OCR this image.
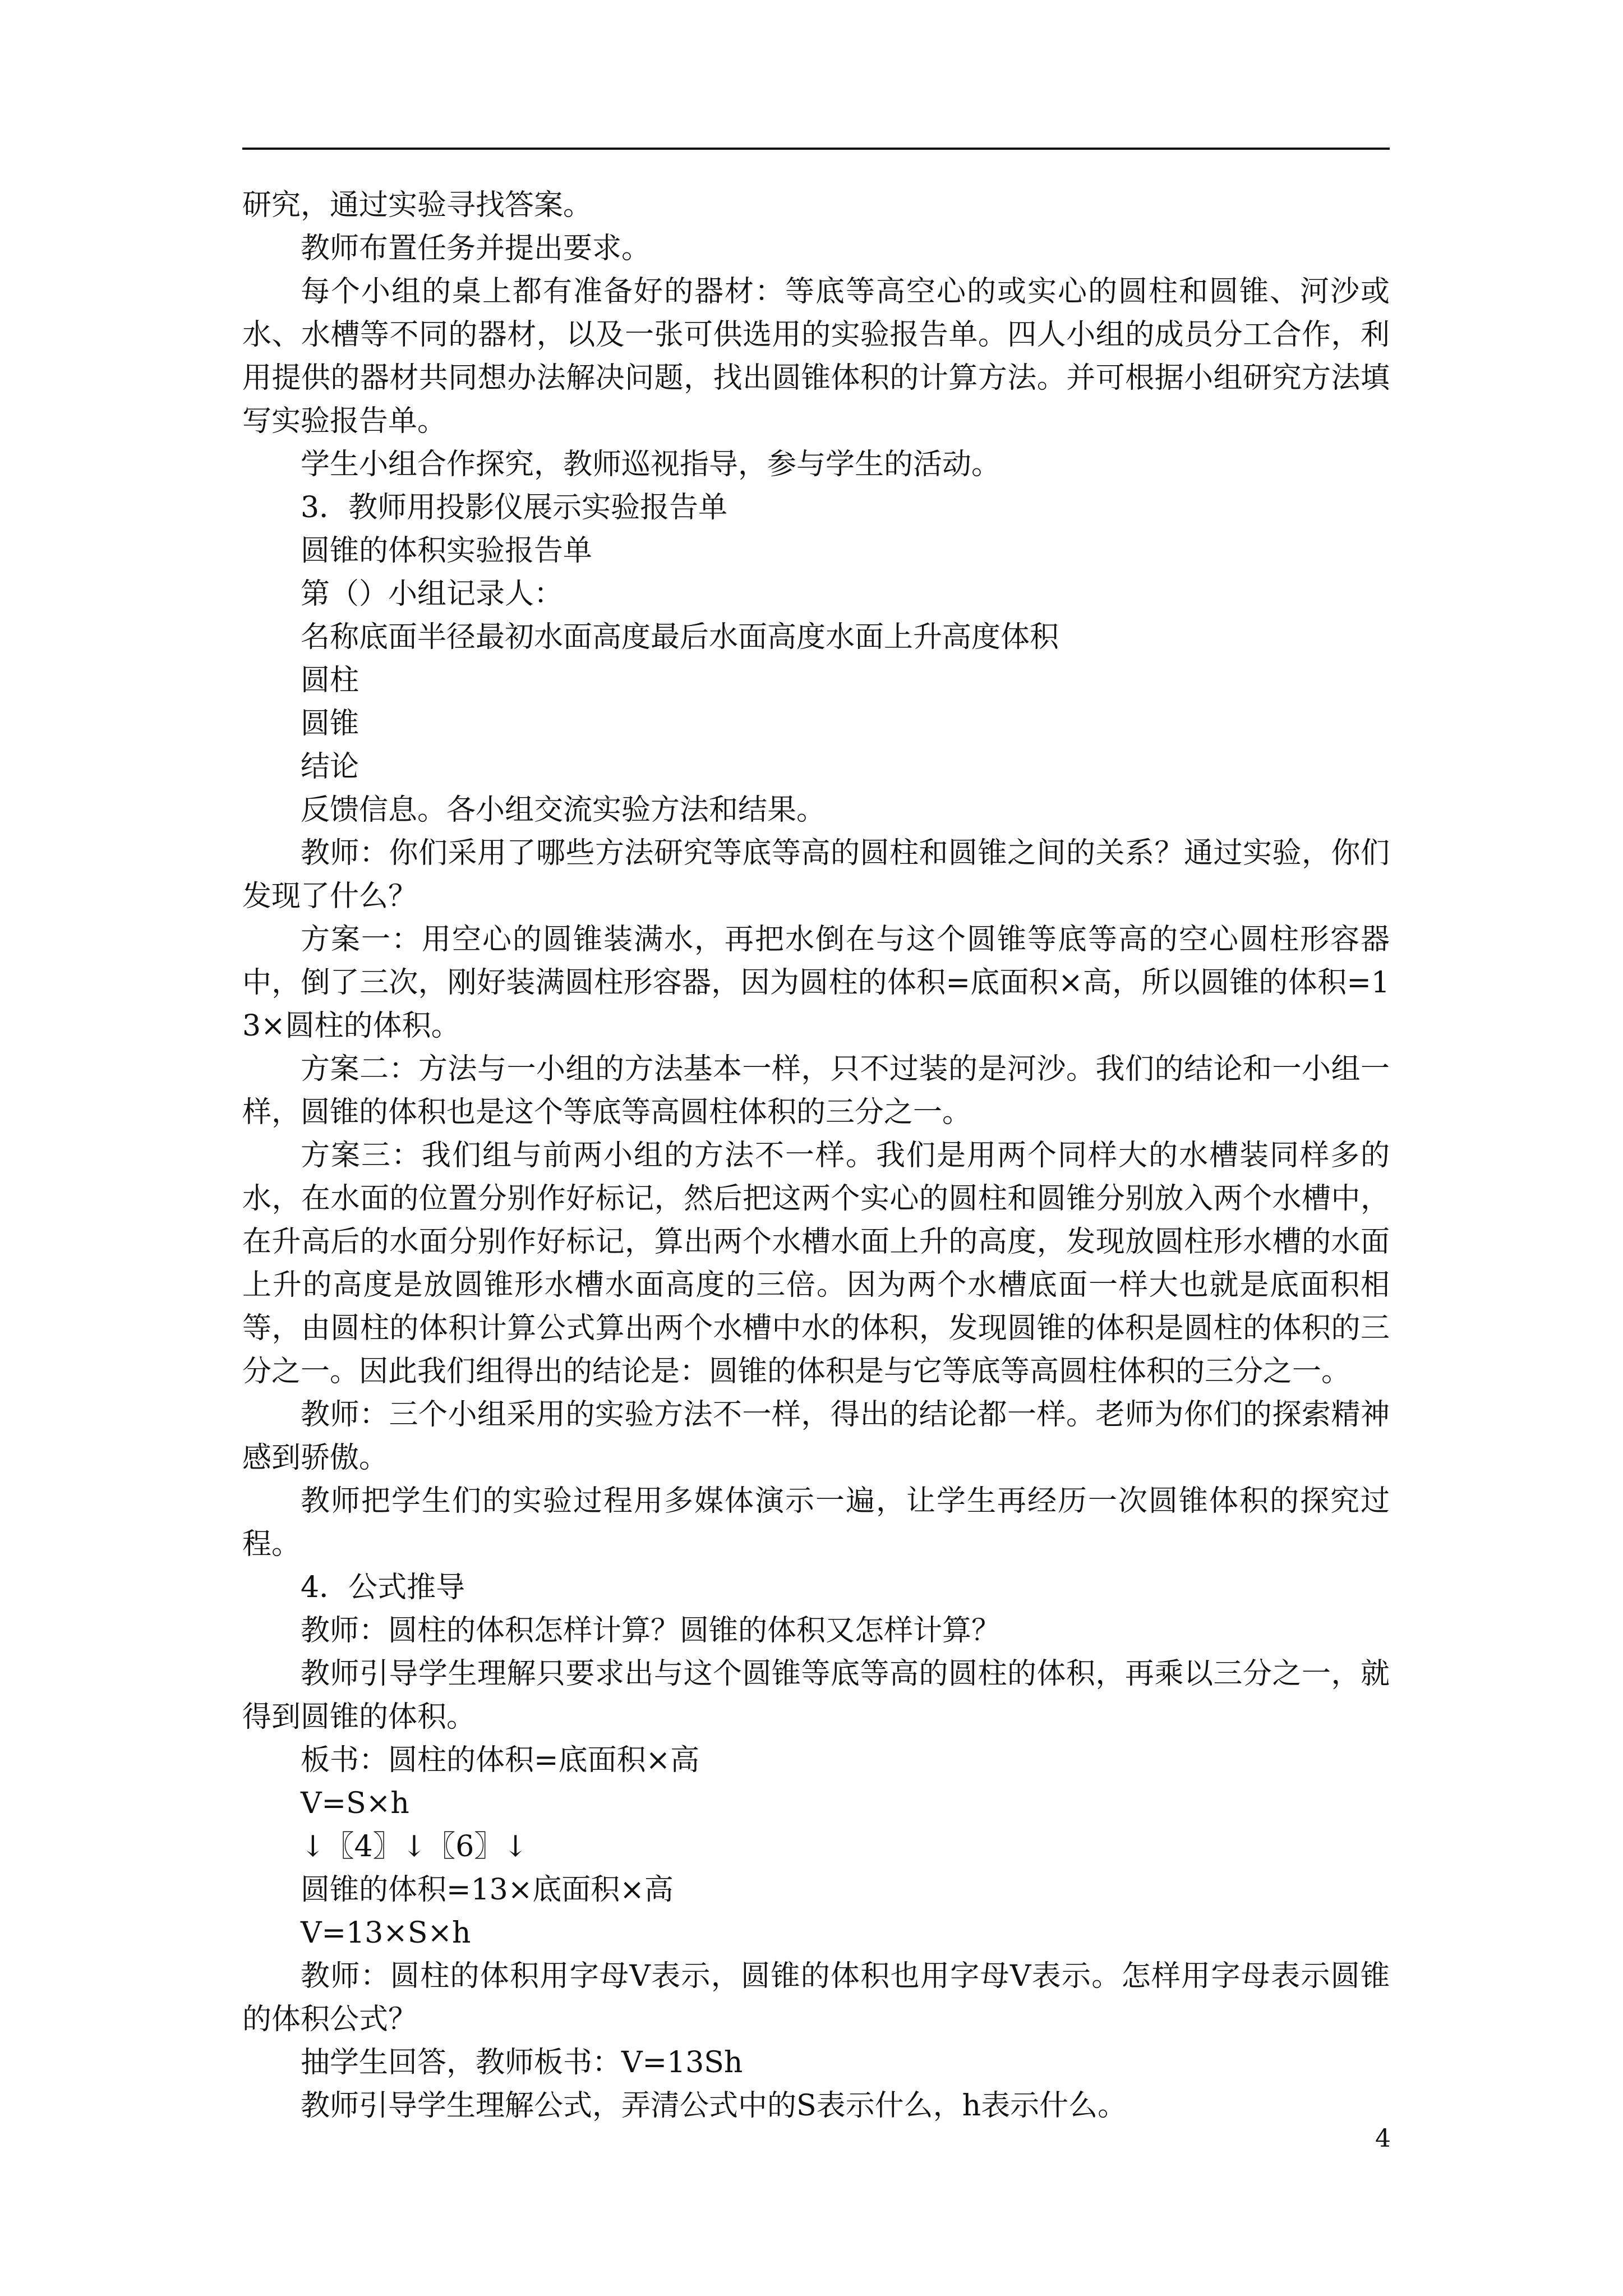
研究，通过实验寻找答案。

教师布置任务并提出要求。

每个小组的桌上都有准备好的器材：等底等高空心的或实心的圆柱和圆锥、河沙或水、水槽等不同的器材，以及一张可供选用的实验报告单。四人小组的成员分工合作，利用提供的器材共同想办法解决问题，找出圆锥体积的计算方法。并可根据小组研究方法填写实验报告单。

学生小组合作探究，教师巡视指导，参与学生的活动。

3．教师用投影仪展示实验报告单

圆锥的体积实验报告单

第（）小组记录人：

名称底面半径最初水面高度最后水面高度水面上升高度体积

圆柱

圆锥

结论

反馈信息。各小组交流实验方法和结果。

教师：你们采用了哪些方法研究等底等高的圆柱和圆锥之间的关系？通过实验，你们发现了什么？

方案一：用空心的圆锥装满水，再把水倒在与这个圆锥等底等高的空心圆柱形容器中，倒了三次，刚好装满圆柱形容器，因为圆柱的体积=底面积×高，所以圆锥的体积=13×圆柱的体积。

方案二：方法与一小组的方法基本一样，只不过装的是河沙。我们的结论和一小组一样，圆锥的体积也是这个等底等高圆柱体积的三分之一。

方案三：我们组与前两小组的方法不一样。我们是用两个同样大的水槽装同样多的水，在水面的位置分别作好标记，然后把这两个实心的圆柱和圆锥分别放入两个水槽中，在升高后的水面分别作好标记，算出两个水槽水面上升的高度，发现放圆柱形水槽的水面上升的高度是放圆锥形水槽水面高度的三倍。因为两个水槽底面一样大也就是底面积相等，由圆柱的体积计算公式算出两个水槽中水的体积，发现圆锥的体积是圆柱的体积的三分之一。因此我们组得出的结论是：圆锥的体积是与它等底等高圆柱体积的三分之一。

教师：三个小组采用的实验方法不一样，得出的结论都一样。老师为你们的探索精神感到骄傲。

教师把学生们的实验过程用多媒体演示一遍，让学生再经历一次圆锥体积的探究过程。

4．公式推导

教师：圆柱的体积怎样计算？圆锥的体积又怎样计算？

教师引导学生理解只要求出与这个圆锥等底等高的圆柱的体积，再乘以三分之一，就得到圆锥的体积。

板书：圆柱的体积=底面积×高

V=S×h

↓〖4〗↓〖6〗↓

圆锥的体积=13×底面积×高

V=13×S×h

教师：圆柱的体积用字母V表示，圆锥的体积也用字母V表示。怎样用字母表示圆锥的体积公式？

抽学生回答，教师板书：V=13Sh

教师引导学生理解公式，弄清公式中的S表示什么，h表示什么。

4
